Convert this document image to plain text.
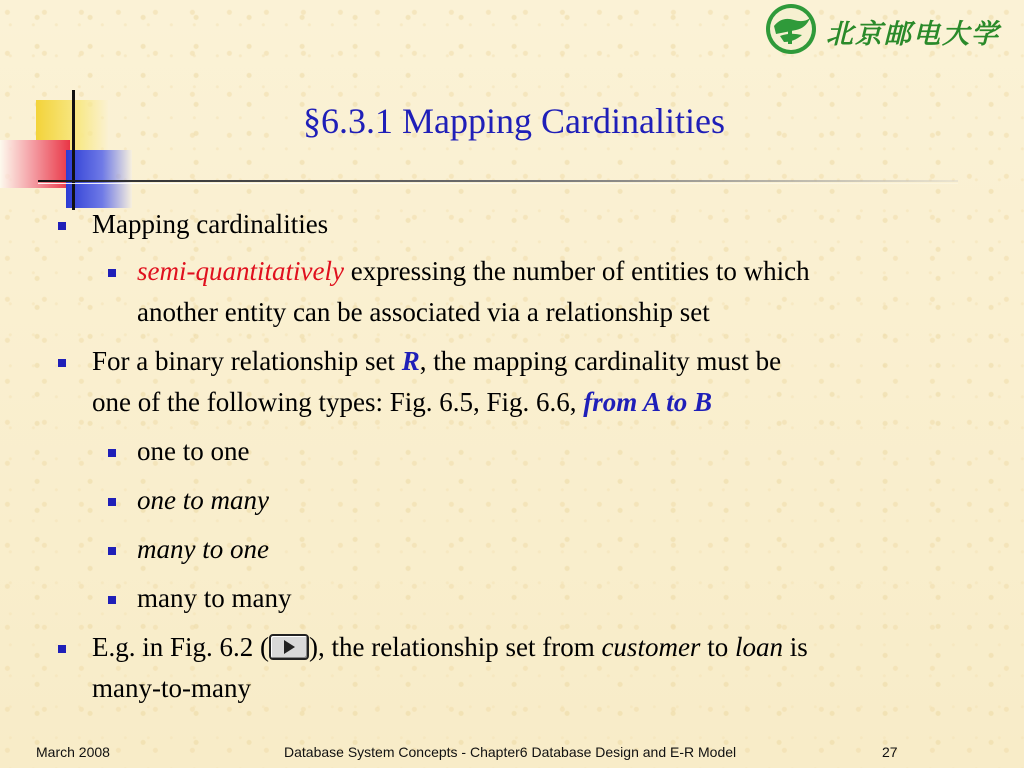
北京邮电大学
§6.3.1 Mapping Cardinalities
Mapping cardinalities
semi-quantitatively expressing the number of entities to which
another entity can be associated via a relationship set
For a binary relationship set R, the mapping cardinality must be
one of the following types: Fig. 6.5, Fig. 6.6, from A to B
one to one
one to many
many to one
many to many
E.g. in Fig. 6.2 ( ), the relationship set from customer to loan is
many-to-many
March 2008	Database System Concepts - Chapter6 Database Design and E-R Model	27
